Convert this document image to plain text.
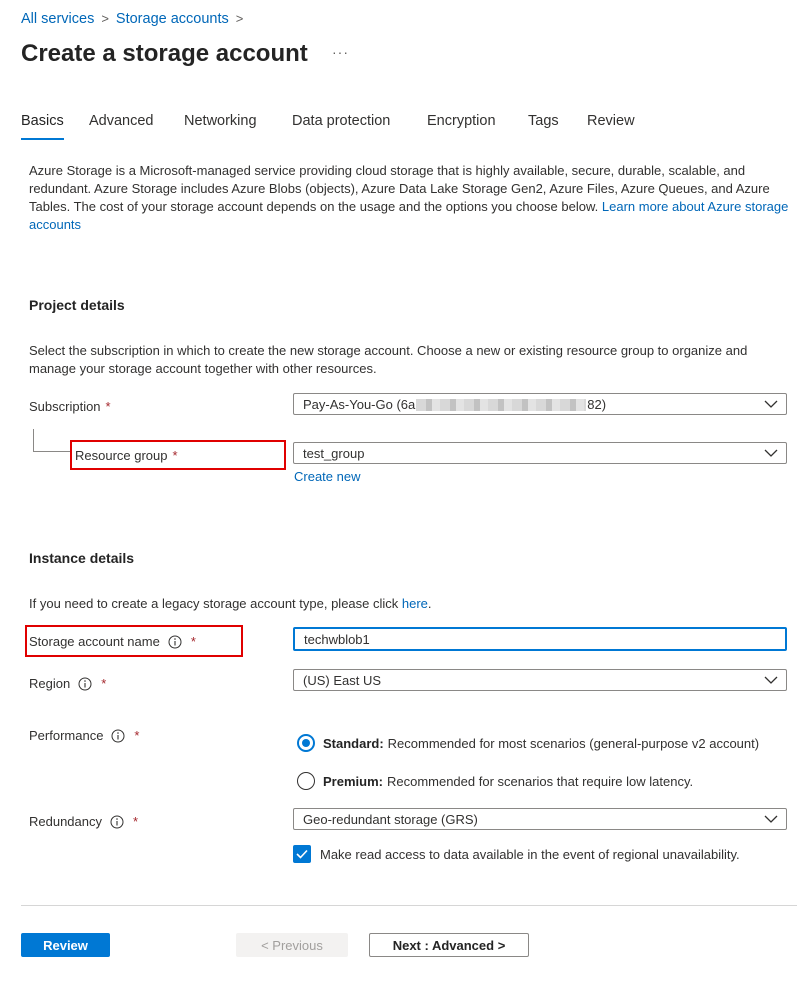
All services > Storage accounts >
Create a storage account ···
Basics Advanced Networking Data protection	Encryption Tags Review
Azure Storage is a Microsoft-managed service providing cloud storage that is highly available, secure, durable, scalable, and redundant. Azure Storage includes Azure Blobs (objects), Azure Data Lake Storage Gen2, Azure Files, Azure Queues, and Azure Tables. The cost of your storage account depends on the usage and the options you choose below. Learn more about Azure storage accounts
Project details
Select the subscription in which to create the new storage account. Choose a new or existing resource group to organize and manage your storage account together with other resources.
Subscription *	Pay-As-You-Go (6a	82)
Resource group *	test_group
Create new
Instance details
If you need to create a legacy storage account type, please click here.
Storage account name *	techwblob1
Region *	(US) East US
Performance *	Standard: Recommended for most scenarios (general-purpose v2 account)
Premium: Recommended for scenarios that require low latency.
Redundancy *	Geo-redundant storage (GRS)
Make read access to data available in the event of regional unavailability.
Review	< Previous	Next : Advanced >
